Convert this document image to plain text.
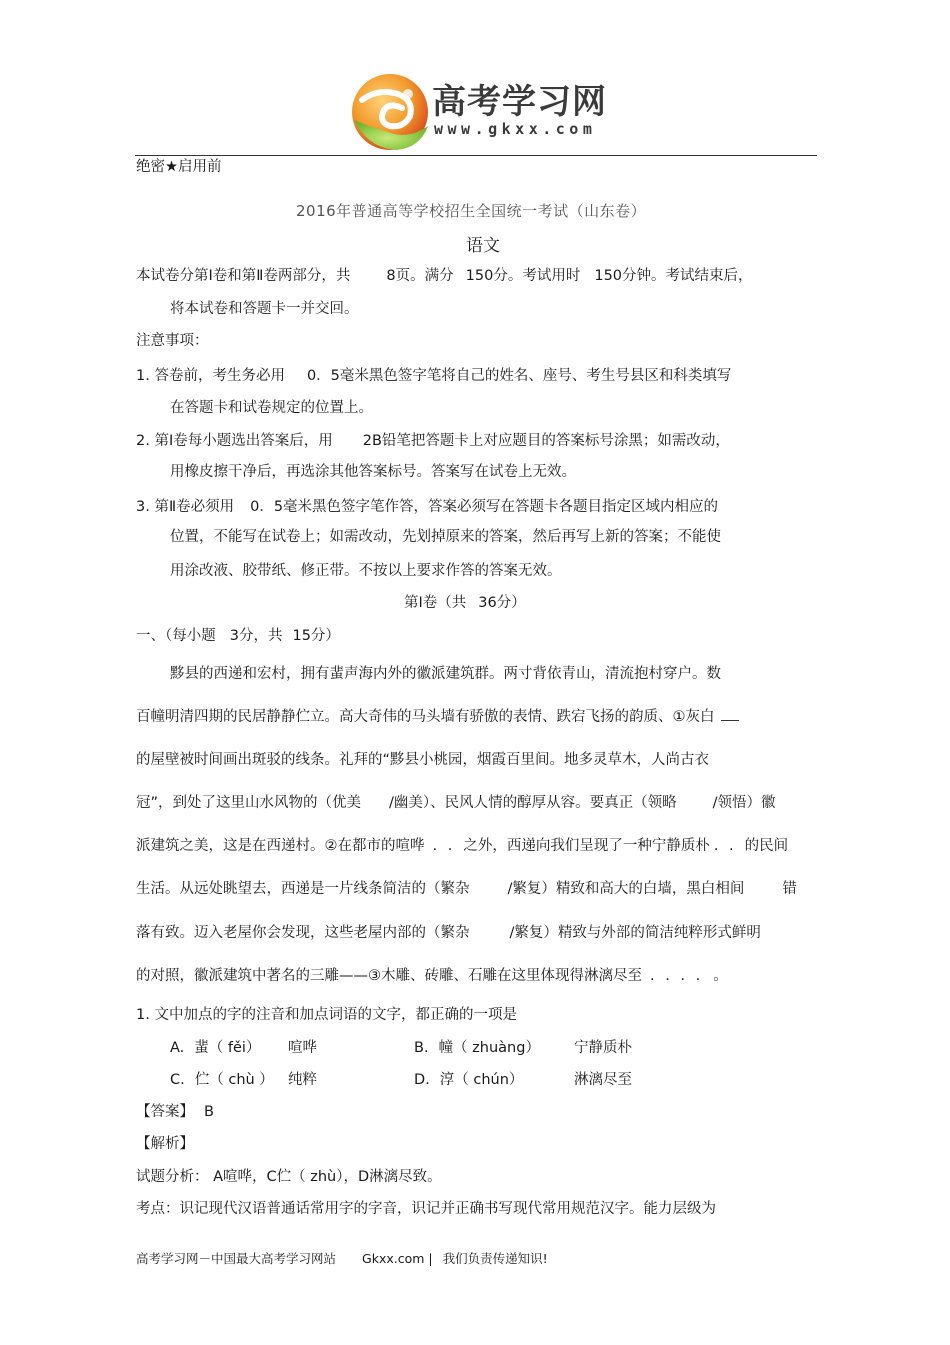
高考学习网
www.gkxx.com
绝密★启用前
2016年普通高等学校招生全国统一考试（山东卷）
语文
本试卷分第Ⅰ卷和第Ⅱ卷两部分，共 8页。满分 150分。考试用时 150分钟。考试结束后，
将本试卷和答题卡一并交回。
注意事项：
1. 答卷前，考生务必用 0．5毫米黑色签字笔将自己的姓名、座号、考生号县区和科类填写
在答题卡和试卷规定的位置上。
2. 第Ⅰ卷每小题选出答案后，用 2B铅笔把答题卡上对应题目的答案标号涂黑；如需改动，
用橡皮擦干净后，再选涂其他答案标号。答案写在试卷上无效。
3. 第Ⅱ卷必须用 0．5毫米黑色签字笔作答，答案必须写在答题卡各题目指定区域内相应的
位置，不能写在试卷上；如需改动，先划掉原来的答案，然后再写上新的答案；不能使
用涂改液、胶带纸、修正带。不按以上要求作答的答案无效。
第Ⅰ卷（共 36分）
一、（每小题 3分，共 15分）
黟县的西递和宏村，拥有蜚声海内外的徽派建筑群。两寸背依青山，清流抱村穿户。数
百幢明清四期的民居静静伫立。高大奇伟的马头墙有骄傲的表情、跌宕飞扬的韵质、①灰白
的屋壁被时间画出斑驳的线条。礼拜的“黟县小桃园，烟霞百里间。地多灵草木，人尚古衣
冠”，到处了这里山水风物的（优美 /幽美）、民风人情的醇厚从容。要真正（领略 /领悟）徽
派建筑之美，这是在西递村。②在都市的喧哗 . . 之外，西递向我们呈现了一种宁静质朴 . . 的民间
生活。从远处眺望去，西递是一片线条简洁的（繁杂	/繁复）精致和高大的白墙，黑白相间	错
落有致。迈入老屋你会发现，这些老屋内部的（繁杂	/繁复）精致与外部的简洁纯粹形式鲜明
的对照，徽派建筑中著名的三雕——③木雕、砖雕、石雕在这里体现得淋漓尽至 . . . . 。
1. 文中加点的字的注音和加点词语的文字，都正确的一项是
A. 蜚（ fěi） 喧哗	B. 幢（ zhuàng） 宁静质朴
C. 伫（ chù ） 纯粹	D. 淳（ chún）	淋漓尽至
【答案】 B
【解析】
试题分析： A喧哗，C伫（ zhù），D淋漓尽致。
考点：识记现代汉语普通话常用字的字音，识记并正确书写现代常用规范汉字。能力层级为
高考学习网－中国最大高考学习网站 Gkxx.com | 我们负责传递知识!
